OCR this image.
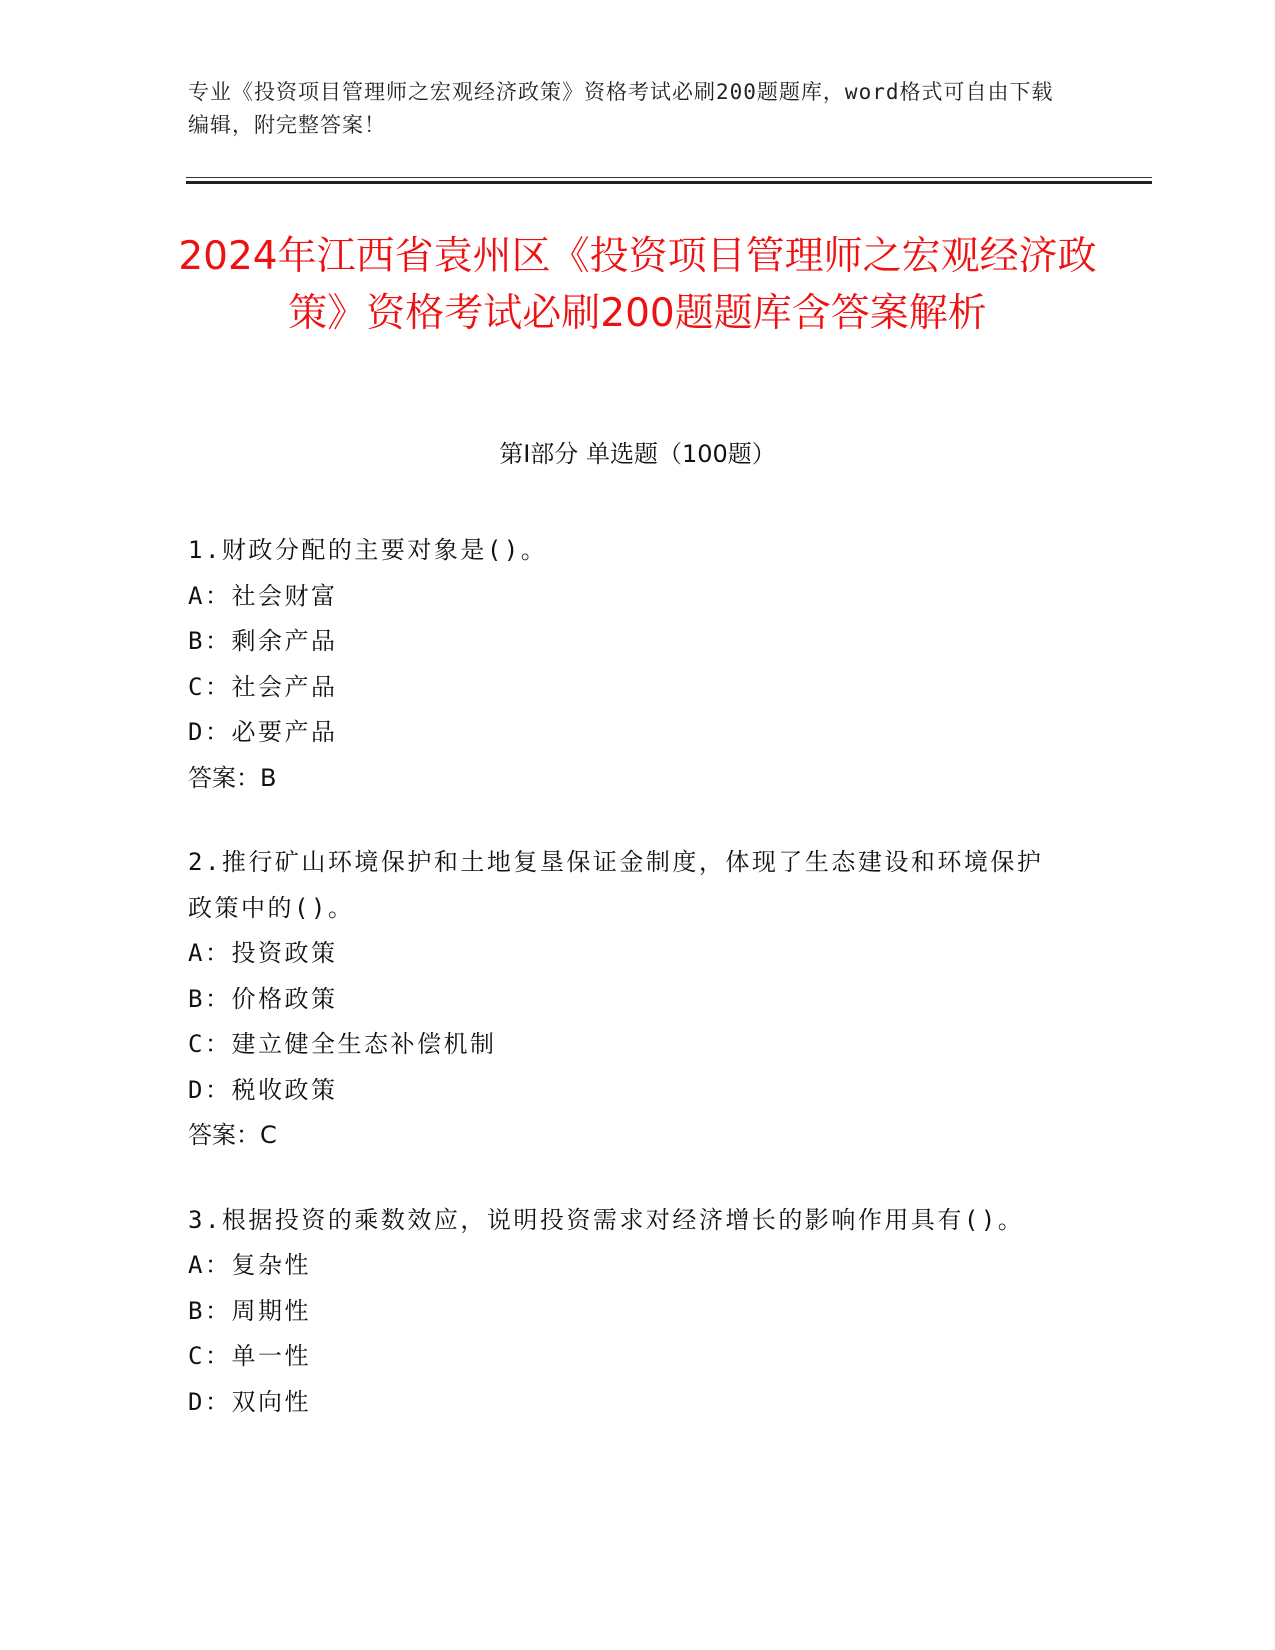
专业《投资项目管理师之宏观经济政策》资格考试必刷200题题库，word格式可自由下载编辑，附完整答案！
2024年江西省袁州区《投资项目管理师之宏观经济政策》资格考试必刷200题题库含答案解析
第Ⅰ部分 单选题（100题）
1.财政分配的主要对象是()。
A：社会财富
B：剩余产品
C：社会产品
D：必要产品
答案：B
2.推行矿山环境保护和土地复垦保证金制度，体现了生态建设和环境保护政策中的()。
A：投资政策
B：价格政策
C：建立健全生态补偿机制
D：税收政策
答案：C
3.根据投资的乘数效应，说明投资需求对经济增长的影响作用具有()。
A：复杂性
B：周期性
C：单一性
D：双向性
